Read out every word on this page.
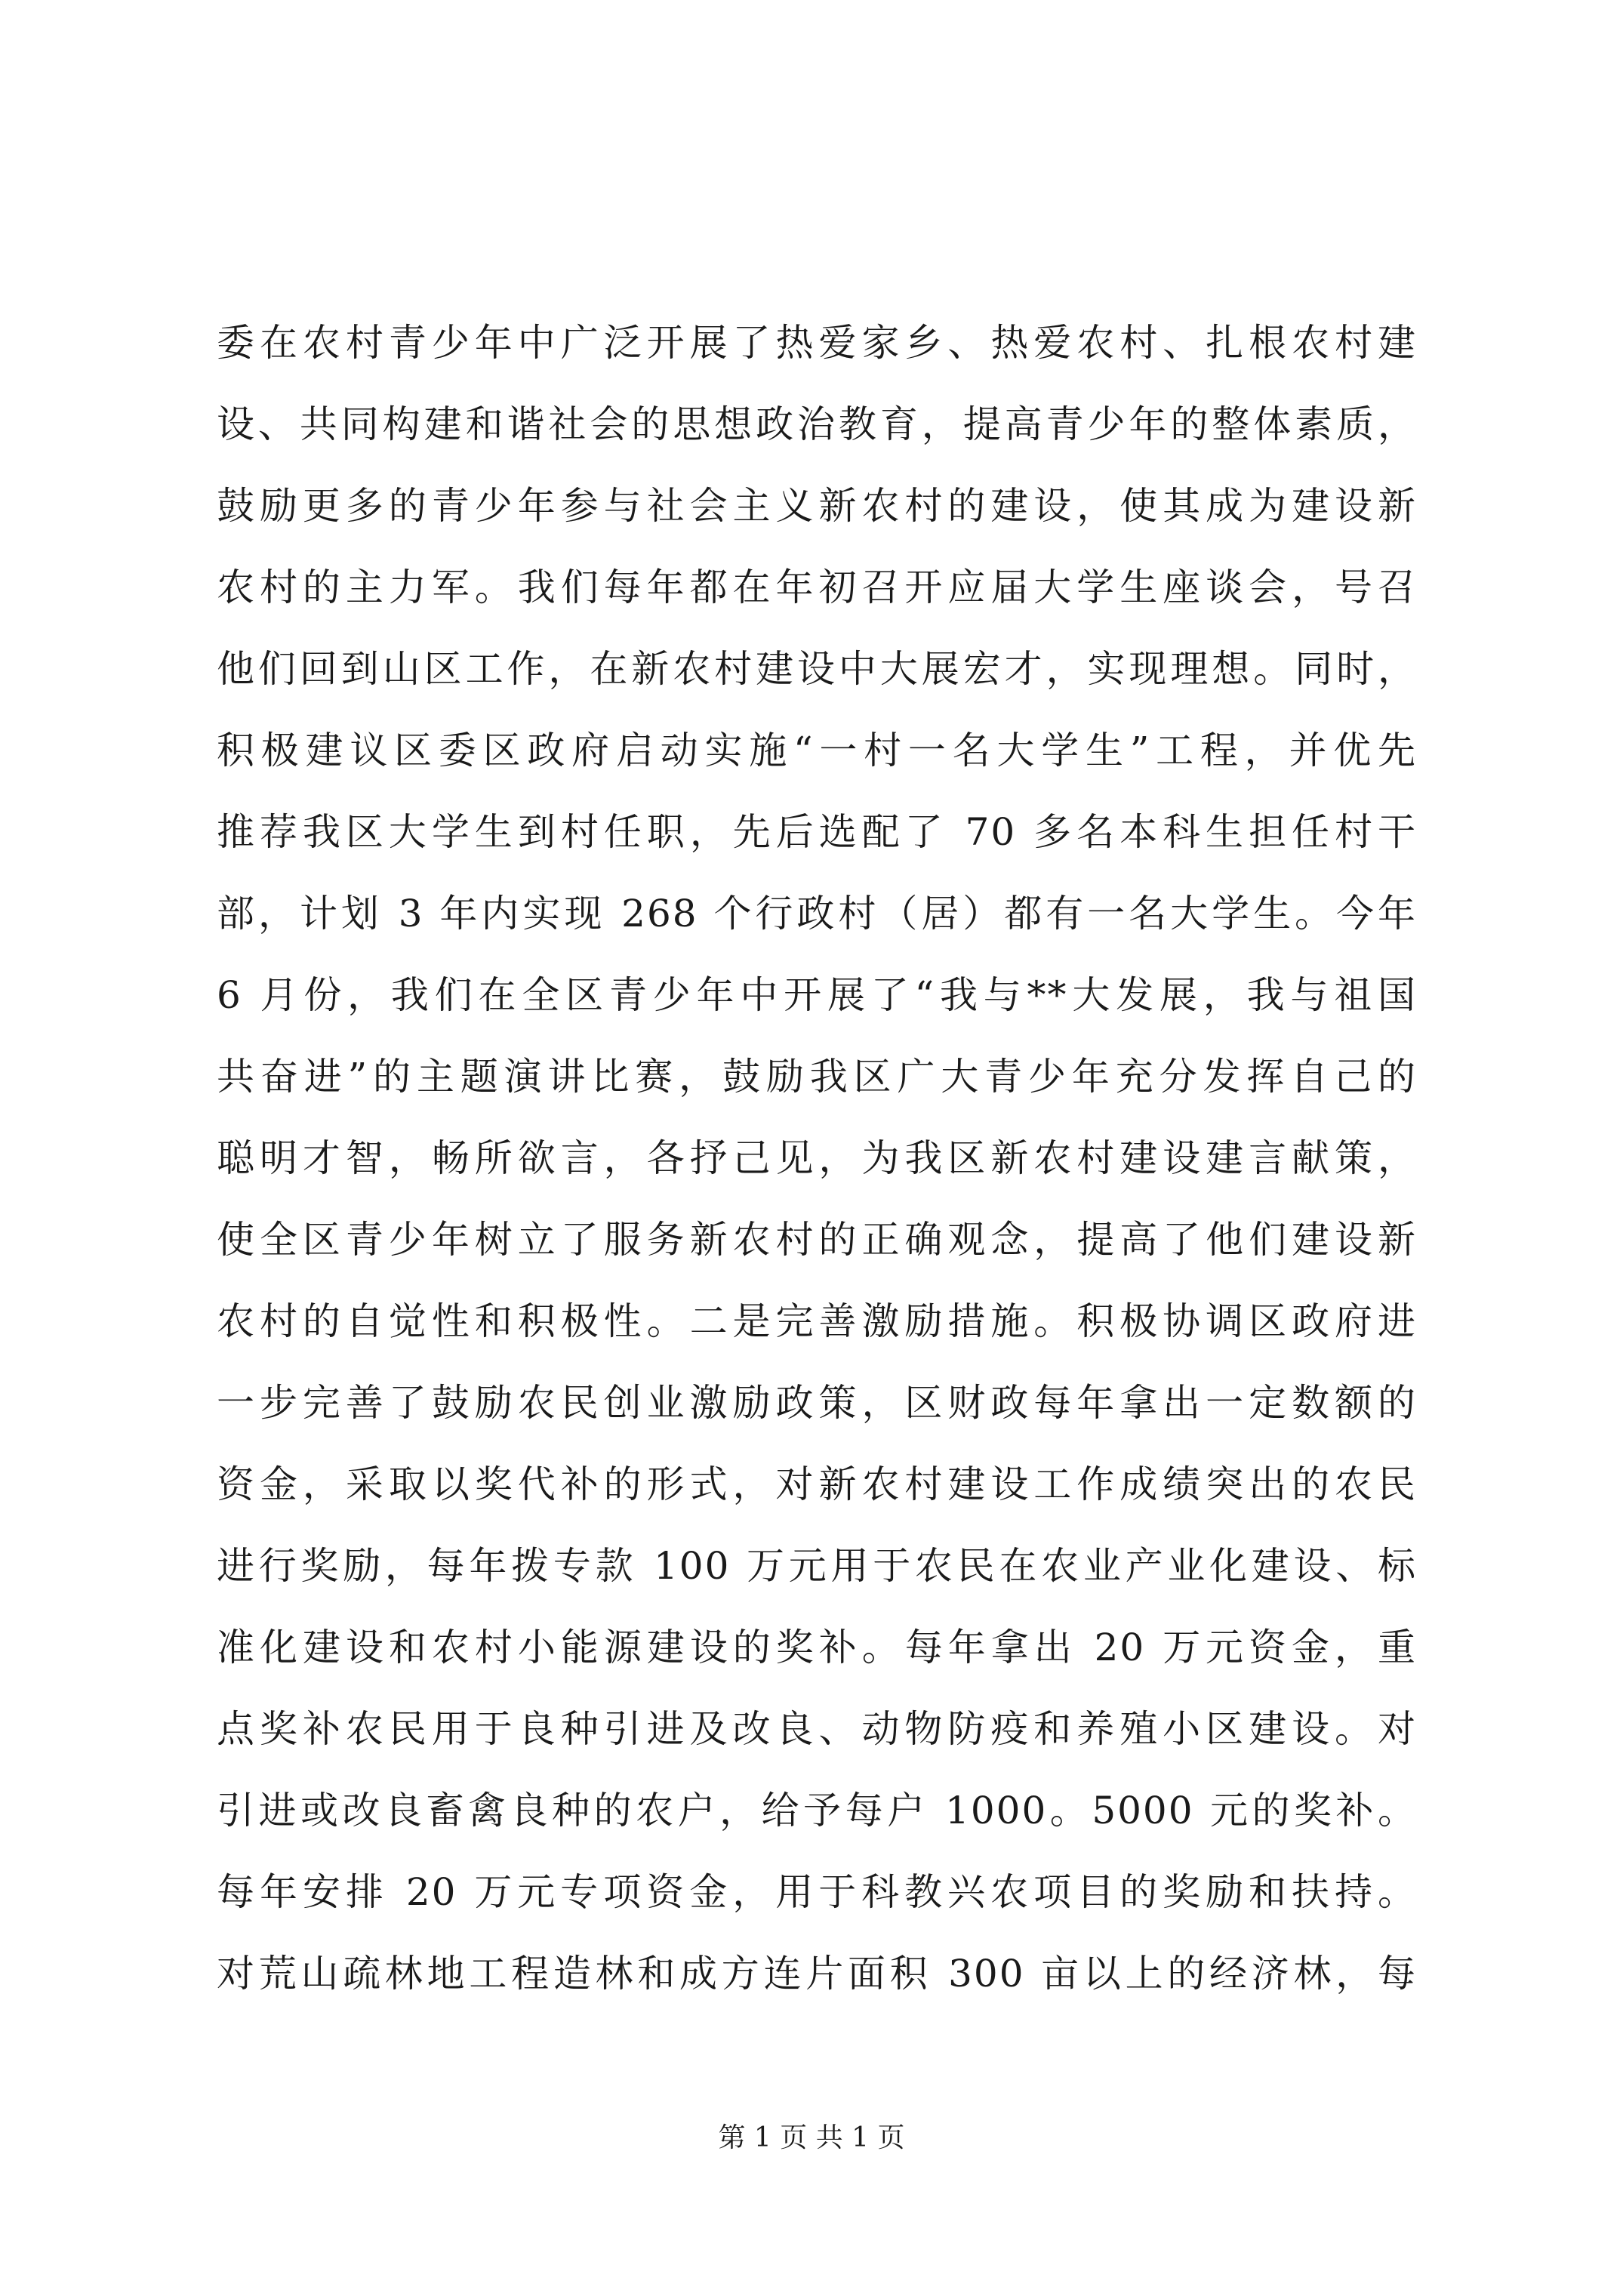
委在农村青少年中广泛开展了热爱家乡、热爱农村、扎根农村建
设、共同构建和谐社会的思想政治教育，提高青少年的整体素质，
鼓励更多的青少年参与社会主义新农村的建设，使其成为建设新
农村的主力军。我们每年都在年初召开应届大学生座谈会，号召
他们回到山区工作，在新农村建设中大展宏才，实现理想。同时，
积极建议区委区政府启动实施“一村一名大学生”工程，并优先
推荐我区大学生到村任职，先后选配了 70 多名本科生担任村干
部，计划 3 年内实现 268 个行政村（居）都有一名大学生。今年
6 月份，我们在全区青少年中开展了“我与**大发展，我与祖国
共奋进”的主题演讲比赛，鼓励我区广大青少年充分发挥自己的
聪明才智，畅所欲言，各抒己见，为我区新农村建设建言献策，
使全区青少年树立了服务新农村的正确观念，提高了他们建设新
农村的自觉性和积极性。二是完善激励措施。积极协调区政府进
一步完善了鼓励农民创业激励政策，区财政每年拿出一定数额的
资金，采取以奖代补的形式，对新农村建设工作成绩突出的农民
进行奖励，每年拨专款 100 万元用于农民在农业产业化建设、标
准化建设和农村小能源建设的奖补。每年拿出 20 万元资金，重
点奖补农民用于良种引进及改良、动物防疫和养殖小区建设。对
引进或改良畜禽良种的农户，给予每户 1000。5000 元的奖补。
每年安排 20 万元专项资金，用于科教兴农项目的奖励和扶持。
对荒山疏林地工程造林和成方连片面积 300 亩以上的经济林，每
第 1 页 共 1 页
